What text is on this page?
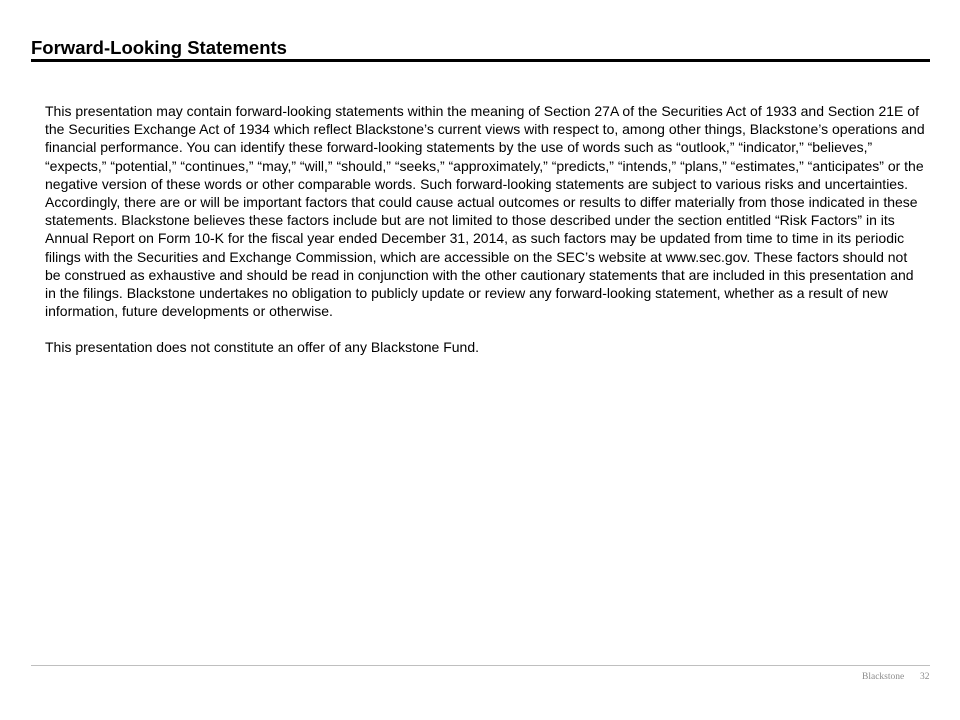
Forward-Looking Statements

This presentation may contain forward-looking statements within the meaning of Section 27A of the Securities Act of 1933 and Section 21E of the Securities Exchange Act of 1934 which reflect Blackstone’s current views with respect to, among other things, Blackstone’s operations and financial performance. You can identify these forward-looking statements by the use of words such as “outlook,” “indicator,” “believes,” “expects,” “potential,” “continues,” “may,” “will,” “should,” “seeks,” “approximately,” “predicts,” “intends,” “plans,” “estimates,” “anticipates” or the negative version of these words or other comparable words. Such forward-looking statements are subject to various risks and uncertainties. Accordingly, there are or will be important factors that could cause actual outcomes or results to differ materially from those indicated in these statements. Blackstone believes these factors include but are not limited to those described under the section entitled “Risk Factors” in its Annual Report on Form 10-K for the fiscal year ended December 31, 2014, as such factors may be updated from time to time in its periodic filings with the Securities and Exchange Commission, which are accessible on the SEC’s website at www.sec.gov. These factors should not be construed as exhaustive and should be read in conjunction with the other cautionary statements that are included in this presentation and in the filings. Blackstone undertakes no obligation to publicly update or review any forward-looking statement, whether as a result of new information, future developments or otherwise.

This presentation does not constitute an offer of any Blackstone Fund.

Blackstone 32
